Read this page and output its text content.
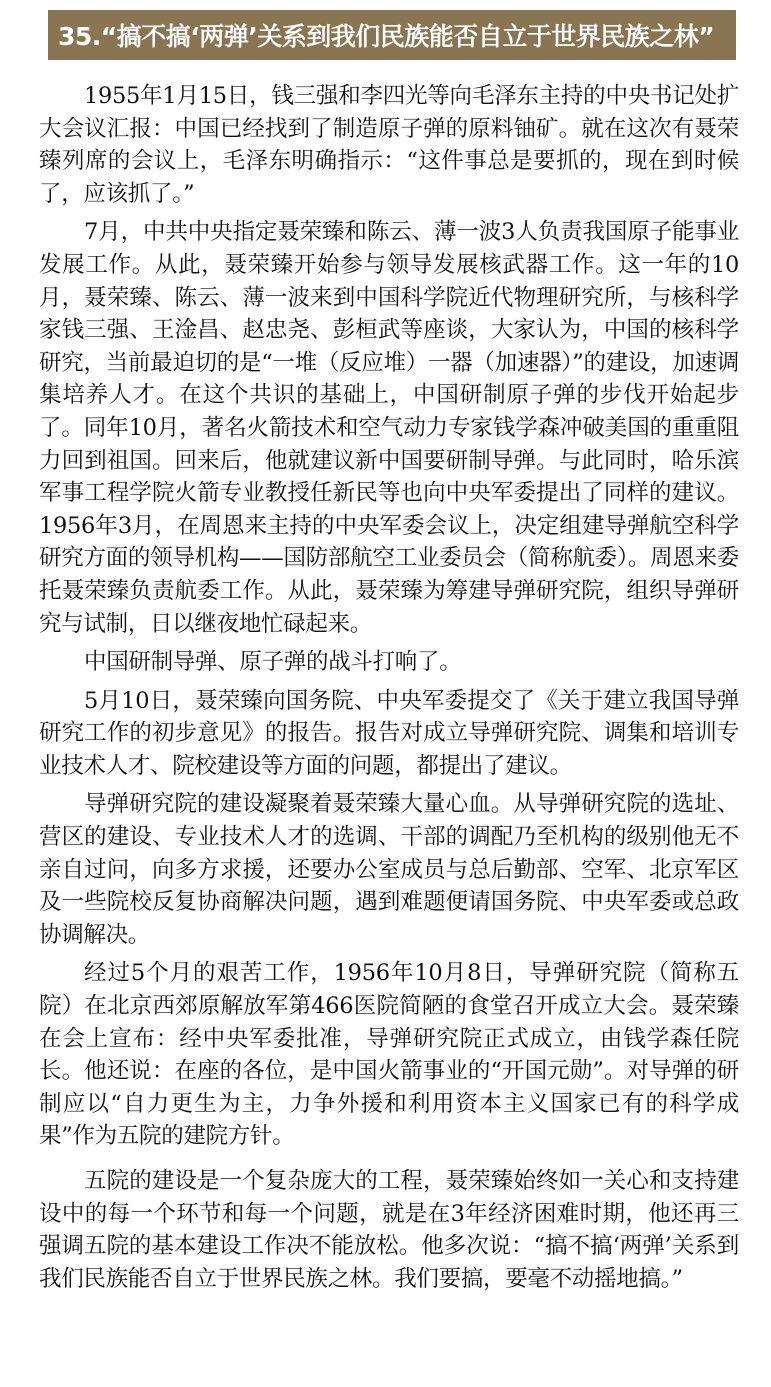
35.“搞不搞‘两弹’关系到我们民族能否自立于世界民族之林”

1955年1月15日，钱三强和李四光等向毛泽东主持的中央书记处扩大会议汇报：中国已经找到了制造原子弹的原料铀矿。就在这次有聂荣臻列席的会议上，毛泽东明确指示：“这件事总是要抓的，现在到时候了，应该抓了。”

7月，中共中央指定聂荣臻和陈云、薄一波3人负责我国原子能事业发展工作。从此，聂荣臻开始参与领导发展核武器工作。这一年的10月，聂荣臻、陈云、薄一波来到中国科学院近代物理研究所，与核科学家钱三强、王淦昌、赵忠尧、彭桓武等座谈，大家认为，中国的核科学研究，当前最迫切的是“一堆（反应堆）一器（加速器）”的建设，加速调集培养人才。在这个共识的基础上，中国研制原子弹的步伐开始起步了。同年10月，著名火箭技术和空气动力专家钱学森冲破美国的重重阻力回到祖国。回来后，他就建议新中国要研制导弹。与此同时，哈乐滨军事工程学院火箭专业教授任新民等也向中央军委提出了同样的建议。1956年3月，在周恩来主持的中央军委会议上，决定组建导弹航空科学研究方面的领导机构——国防部航空工业委员会（简称航委）。周恩来委托聂荣臻负责航委工作。从此，聂荣臻为筹建导弹研究院，组织导弹研究与试制，日以继夜地忙碌起来。

中国研制导弹、原子弹的战斗打响了。

5月10日，聂荣臻向国务院、中央军委提交了《关于建立我国导弹研究工作的初步意见》的报告。报告对成立导弹研究院、调集和培训专业技术人才、院校建设等方面的问题，都提出了建议。

导弹研究院的建设凝聚着聂荣臻大量心血。从导弹研究院的选址、营区的建设、专业技术人才的选调、干部的调配乃至机构的级别他无不亲自过问，向多方求援，还要办公室成员与总后勤部、空军、北京军区及一些院校反复协商解决问题，遇到难题便请国务院、中央军委或总政协调解决。

经过5个月的艰苦工作，1956年10月8日，导弹研究院（简称五院）在北京西郊原解放军第466医院简陋的食堂召开成立大会。聂荣臻在会上宣布：经中央军委批准，导弹研究院正式成立，由钱学森任院长。他还说：在座的各位，是中国火箭事业的“开国元勋”。对导弹的研制应以“自力更生为主，力争外援和利用资本主义国家已有的科学成果”作为五院的建院方针。

五院的建设是一个复杂庞大的工程，聂荣臻始终如一关心和支持建设中的每一个环节和每一个问题，就是在3年经济困难时期，他还再三强调五院的基本建设工作决不能放松。他多次说：“搞不搞‘两弹’关系到我们民族能否自立于世界民族之林。我们要搞，要毫不动摇地搞。”
